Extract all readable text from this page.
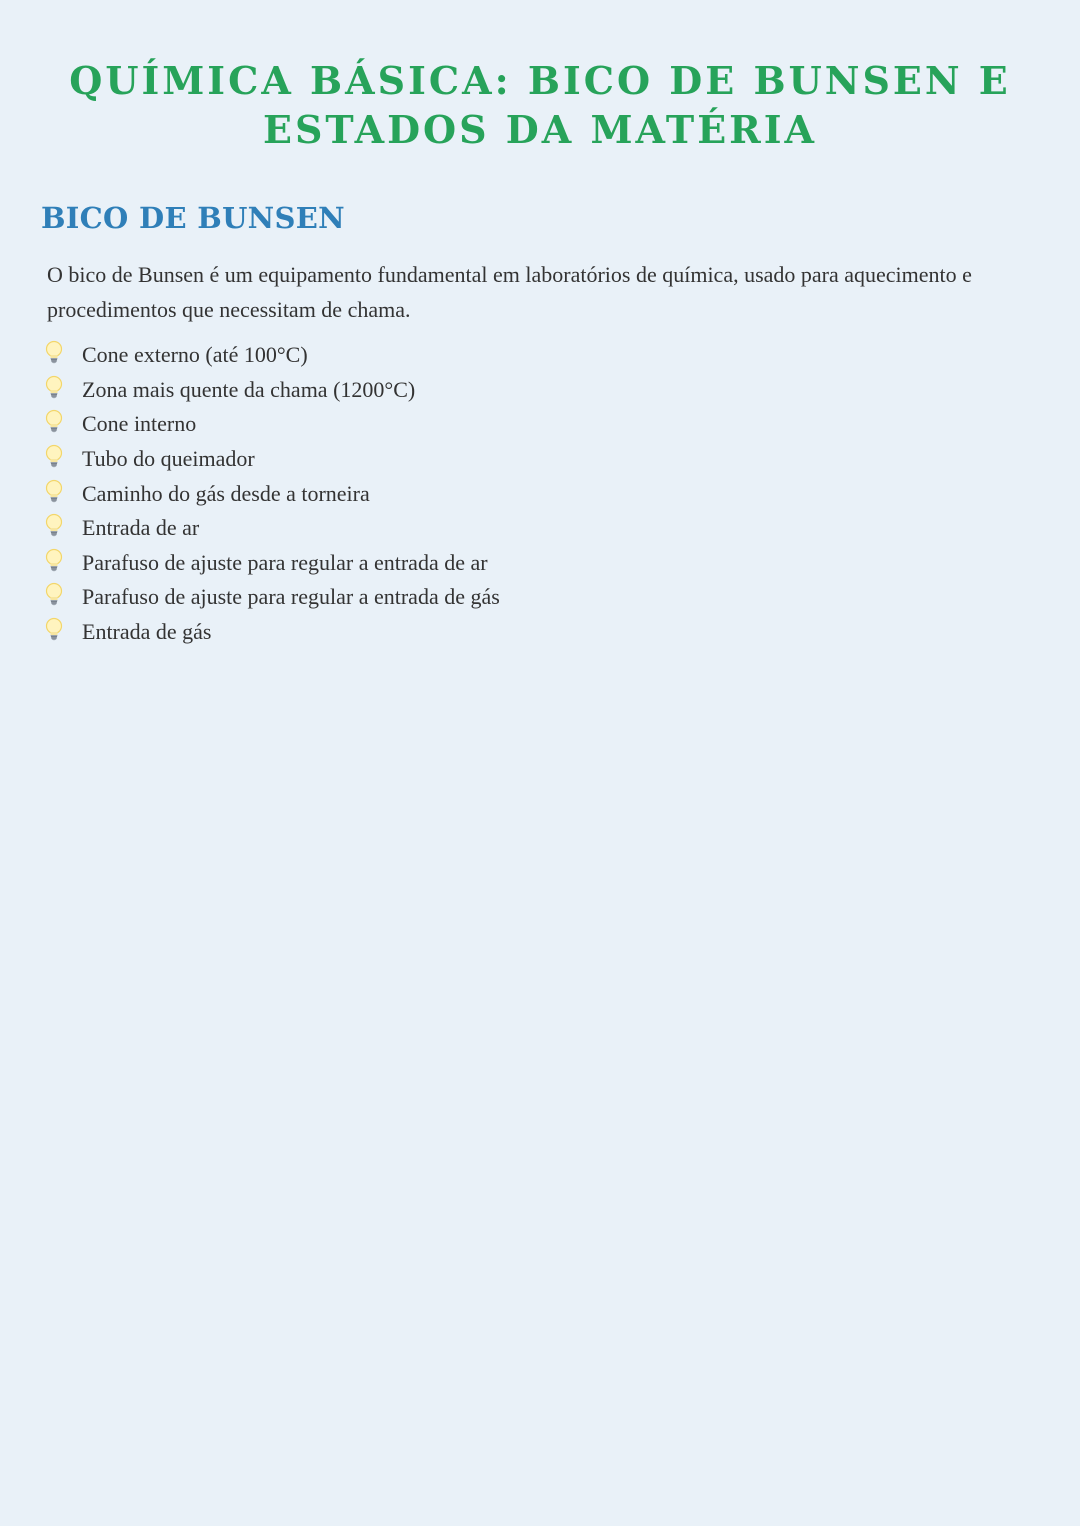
QUÍMICA BÁSICA: BICO DE BUNSEN E ESTADOS DA MATÉRIA
BICO DE BUNSEN

O bico de Bunsen é um equipamento fundamental em laboratórios de química, usado para aquecimento e procedimentos que necessitam de chama.

Cone externo (até 100°C)
Zona mais quente da chama (1200°C)
Cone interno
Tubo do queimador
Caminho do gás desde a torneira
Entrada de ar
Parafuso de ajuste para regular a entrada de ar
Parafuso de ajuste para regular a entrada de gás
Entrada de gás
